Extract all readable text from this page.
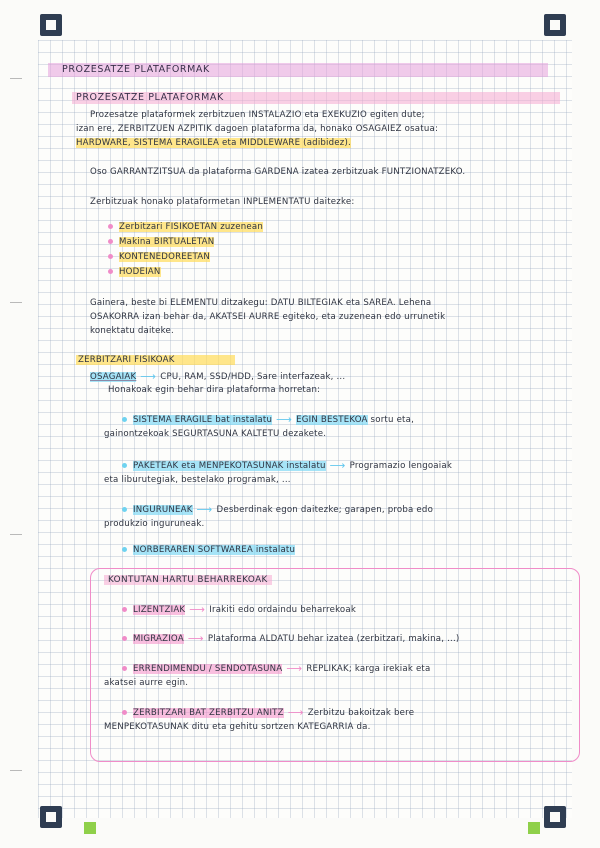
PROZESATZE PLATAFORMAK
PROZESATZE PLATAFORMAK
Prozesatze plataformek zerbitzuen INSTALAZIO eta EXEKUZIO egiten dute;
izan ere, ZERBITZUEN AZPITIK dagoen plataforma da, honako OSAGAIEZ osatua:
HARDWARE, SISTEMA ERAGILEA eta MIDDLEWARE (adibidez).
Oso GARRANTZITSUA da plataforma GARDENA izatea zerbitzuak FUNTZIONATZEKO.
Zerbitzuak honako plataformetan INPLEMENTATU daitezke:
Zerbitzari FISIKOETAN zuzenean
Makina BIRTUALETAN
KONTENEDOREETAN
HODEIAN
Gainera, beste bi ELEMENTU ditzakegu: DATU BILTEGIAK eta SAREA. Lehena
OSAKORRA izan behar da, AKATSEI AURRE egiteko, eta zuzenean edo urrunetik
konektatu daiteke.
ZERBITZARI FISIKOAK
OSAGAIAK ⟶ CPU, RAM, SSD/HDD, Sare interfazeak, ...
Honakoak egin behar dira plataforma horretan:
SISTEMA ERAGILE bat instalatu ⟶ EGIN BESTEKOA sortu eta,
gainontzekoak SEGURTASUNA KALTETU dezakete.
PAKETEAK eta MENPEKOTASUNAK instalatu ⟶ Programazio lengoaiak
eta liburutegiak, bestelako programak, ...
INGURUNEAK ⟶ Desberdinak egon daitezke; garapen, proba edo
produkzio inguruneak.
NORBERAREN SOFTWAREA instalatu
KONTUTAN HARTU BEHARREKOAK
LIZENTZIAK ⟶ Irakiti edo ordaindu beharrekoak
MIGRAZIOA ⟶ Plataforma ALDATU behar izatea (zerbitzari, makina, ...)
ERRENDIMENDU / SENDOTASUNA ⟶ REPLIKAK; karga irekiak eta
akatsei aurre egin.
ZERBITZARI BAT ZERBITZU ANITZ ⟶ Zerbitzu bakoitzak bere
MENPEKOTASUNAK ditu eta gehitu sortzen KATEGARRIA da.
